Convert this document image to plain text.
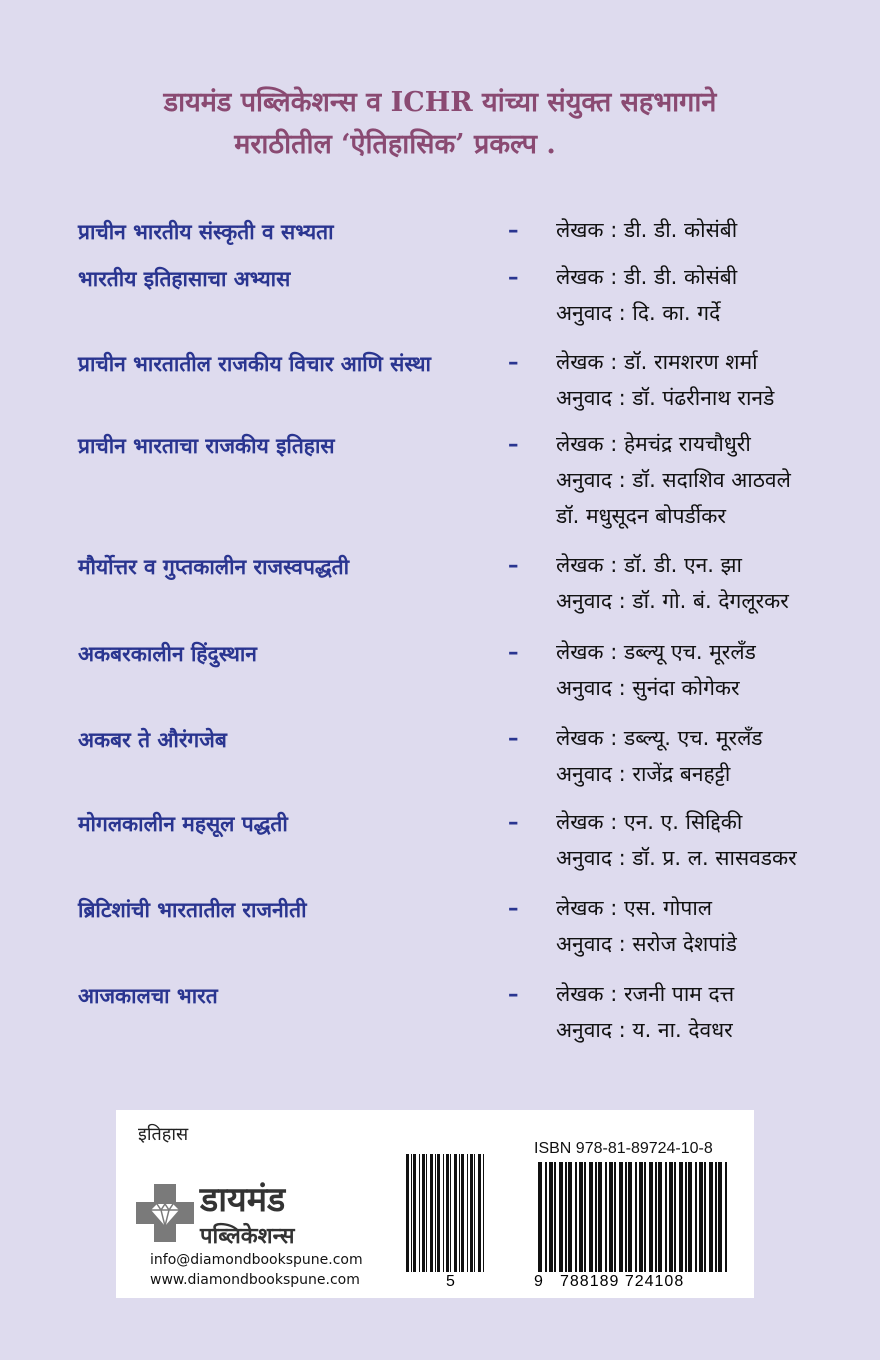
डायमंड पब्लिकेशन्स व ICHR यांच्या संयुक्त सहभागाने
मराठीतील ‘ऐतिहासिक’ प्रकल्प .
प्राचीन भारतीय संस्कृती व सभ्यता	– लेखक : डी. डी. कोसंबी
भारतीय इतिहासाचा अभ्यास	– लेखक : डी. डी. कोसंबी
अनुवाद : दि. का. गर्दे
प्राचीन भारतातील राजकीय विचार आणि संस्था	– लेखक : डॉ. रामशरण शर्मा
अनुवाद : डॉ. पंढरीनाथ रानडे
प्राचीन भारताचा राजकीय इतिहास	– लेखक : हेमचंद्र रायचौधुरी
अनुवाद : डॉ. सदाशिव आठवले
डॉ. मधुसूदन बोपर्डीकर
मौर्योत्तर व गुप्तकालीन राजस्वपद्धती	– लेखक : डॉ. डी. एन. झा
अनुवाद : डॉ. गो. बं. देगलूरकर
अकबरकालीन हिंदुस्थान	– लेखक : डब्ल्यू एच. मूरलँड
अनुवाद : सुनंदा कोगेकर
अकबर ते औरंगजेब	– लेखक : डब्ल्यू. एच. मूरलँड
अनुवाद : राजेंद्र बनहट्टी
मोगलकालीन महसूल पद्धती	– लेखक : एन. ए. सिद्दिकी
अनुवाद : डॉ. प्र. ल. सासवडकर
ब्रिटिशांची भारतातील राजनीती	– लेखक : एस. गोपाल
अनुवाद : सरोज देशपांडे
आजकालचा भारत	– लेखक : रजनी पाम दत्त
अनुवाद : य. ना. देवधर
इतिहास
डायमंड
पब्लिकेशन्स
info@diamondbookspune.com
www.diamondbookspune.com
ISBN 978-81-89724-10-8
5	9 788189 724108
